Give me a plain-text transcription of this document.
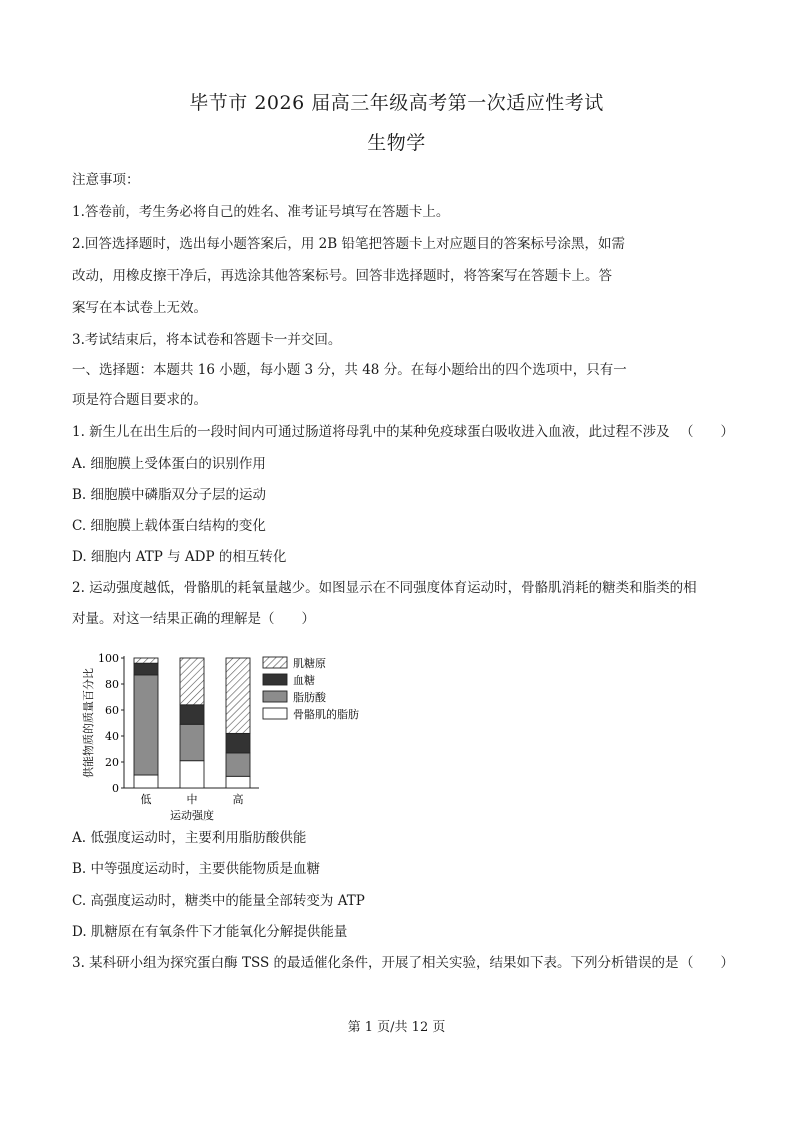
毕节市 2026 届高三年级高考第一次适应性考试
生物学
注意事项：
1.答卷前，考生务必将自己的姓名、准考证号填写在答题卡上。
2.回答选择题时，选出每小题答案后，用 2B 铅笔把答题卡上对应题目的答案标号涂黑，如需
改动，用橡皮擦干净后，再选涂其他答案标号。回答非选择题时，将答案写在答题卡上。答
案写在本试卷上无效。
3.考试结束后，将本试卷和答题卡一并交回。
一、选择题：本题共 16 小题，每小题 3 分，共 48 分。在每小题给出的四个选项中，只有一
项是符合题目要求的。
1. 新生儿在出生后的一段时间内可通过肠道将母乳中的某种免疫球蛋白吸收进入血液，此过程不涉及 （　　）
A. 细胞膜上受体蛋白的识别作用
B. 细胞膜中磷脂双分子层的运动
C. 细胞膜上载体蛋白结构的变化
D. 细胞内 ATP 与 ADP 的相互转化
2. 运动强度越低，骨骼肌的耗氧量越少。如图显示在不同强度体育运动时，骨骼肌消耗的糖类和脂类的相
对量。对这一结果正确的理解是（　　）
0
20
40
60
80
100
低	中	高
运动强度
供能物质的质量百分比
肌糖原
血糖
脂肪酸
骨骼肌的脂肪
A. 低强度运动时，主要利用脂肪酸供能
B. 中等强度运动时，主要供能物质是血糖
C. 高强度运动时，糖类中的能量全部转变为 ATP
D. 肌糖原在有氧条件下才能氧化分解提供能量
3. 某科研小组为探究蛋白酶 TSS 的最适催化条件，开展了相关实验，结果如下表。下列分析错误的是 （　　）
第 1 页/共 12 页
